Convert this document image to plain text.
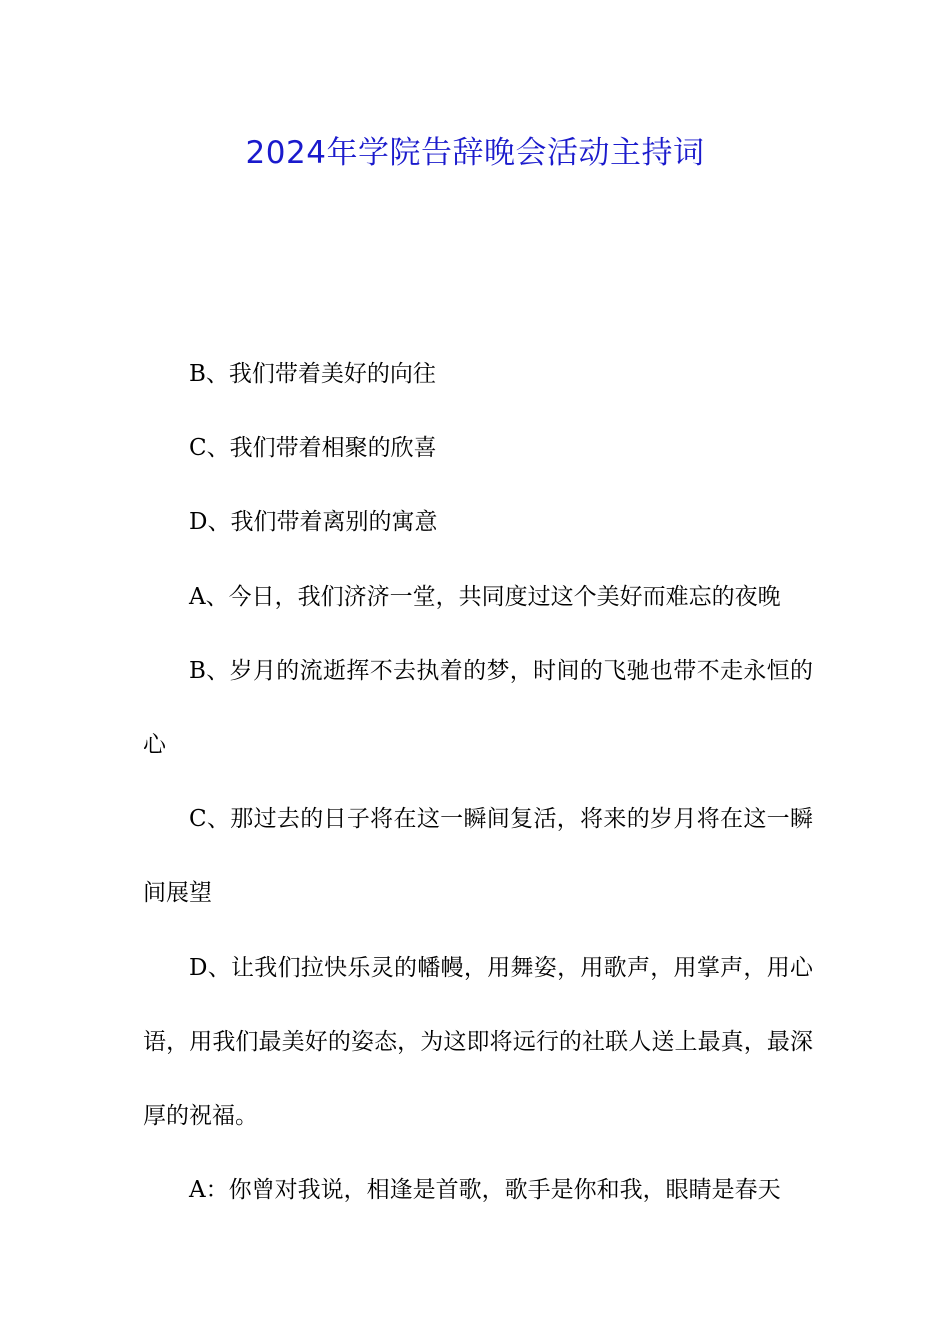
2024年学院告辞晚会活动主持词

B、我们带着美好的向往

C、我们带着相聚的欣喜

D、我们带着离别的寓意

A、今日，我们济济一堂，共同度过这个美好而难忘的夜晚

B、岁月的流逝挥不去执着的梦，时间的飞驰也带不走永恒的心

C、那过去的日子将在这一瞬间复活，将来的岁月将在这一瞬间展望

D、让我们拉快乐灵的幡幔，用舞姿，用歌声，用掌声，用心语，用我们最美好的姿态，为这即将远行的社联人送上最真，最深厚的祝福。

A：你曾对我说，相逢是首歌，歌手是你和我，眼睛是春天
